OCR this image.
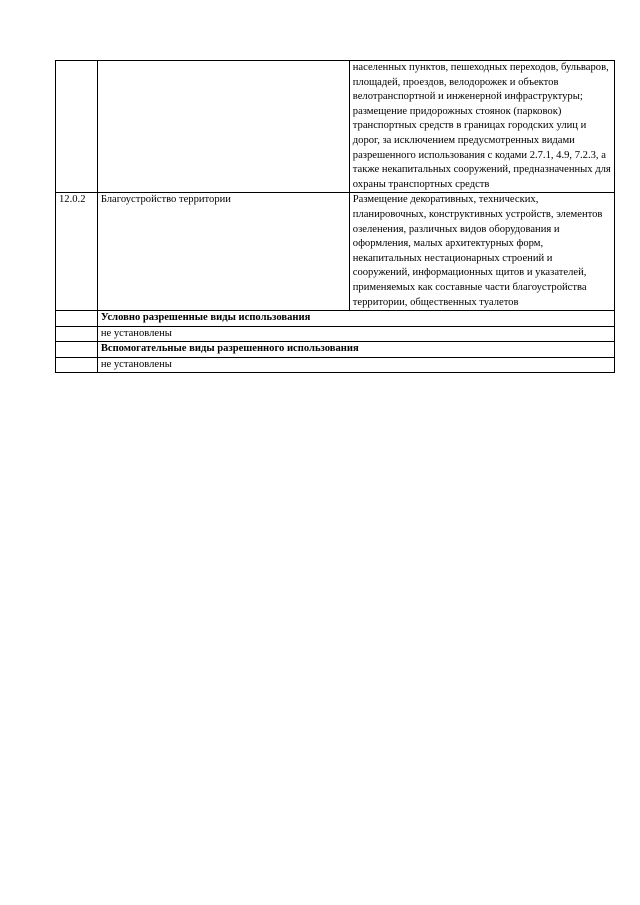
		населенных пунктов, пешеходных переходов, бульваров, площадей, проездов, велодорожек и объектов велотранспортной и инженерной инфраструктуры; размещение придорожных стоянок (парковок) транспортных средств в границах городских улиц и дорог, за исключением предусмотренных видами разрешенного использования с кодами 2.7.1, 4.9, 7.2.3, а также некапитальных сооружений, предназначенных для охраны транспортных средств

12.0.2	Благоустройство территории	Размещение декоративных, технических, планировочных, конструктивных устройств, элементов озеленения, различных видов оборудования и оформления, малых архитектурных форм, некапитальных нестационарных строений и сооружений, информационных щитов и указателей, применяемых как составные части благоустройства территории, общественных туалетов

	Условно разрешенные виды использования	
	не установлены	
	Вспомогательные виды разрешенного использования	
	не установлены	
